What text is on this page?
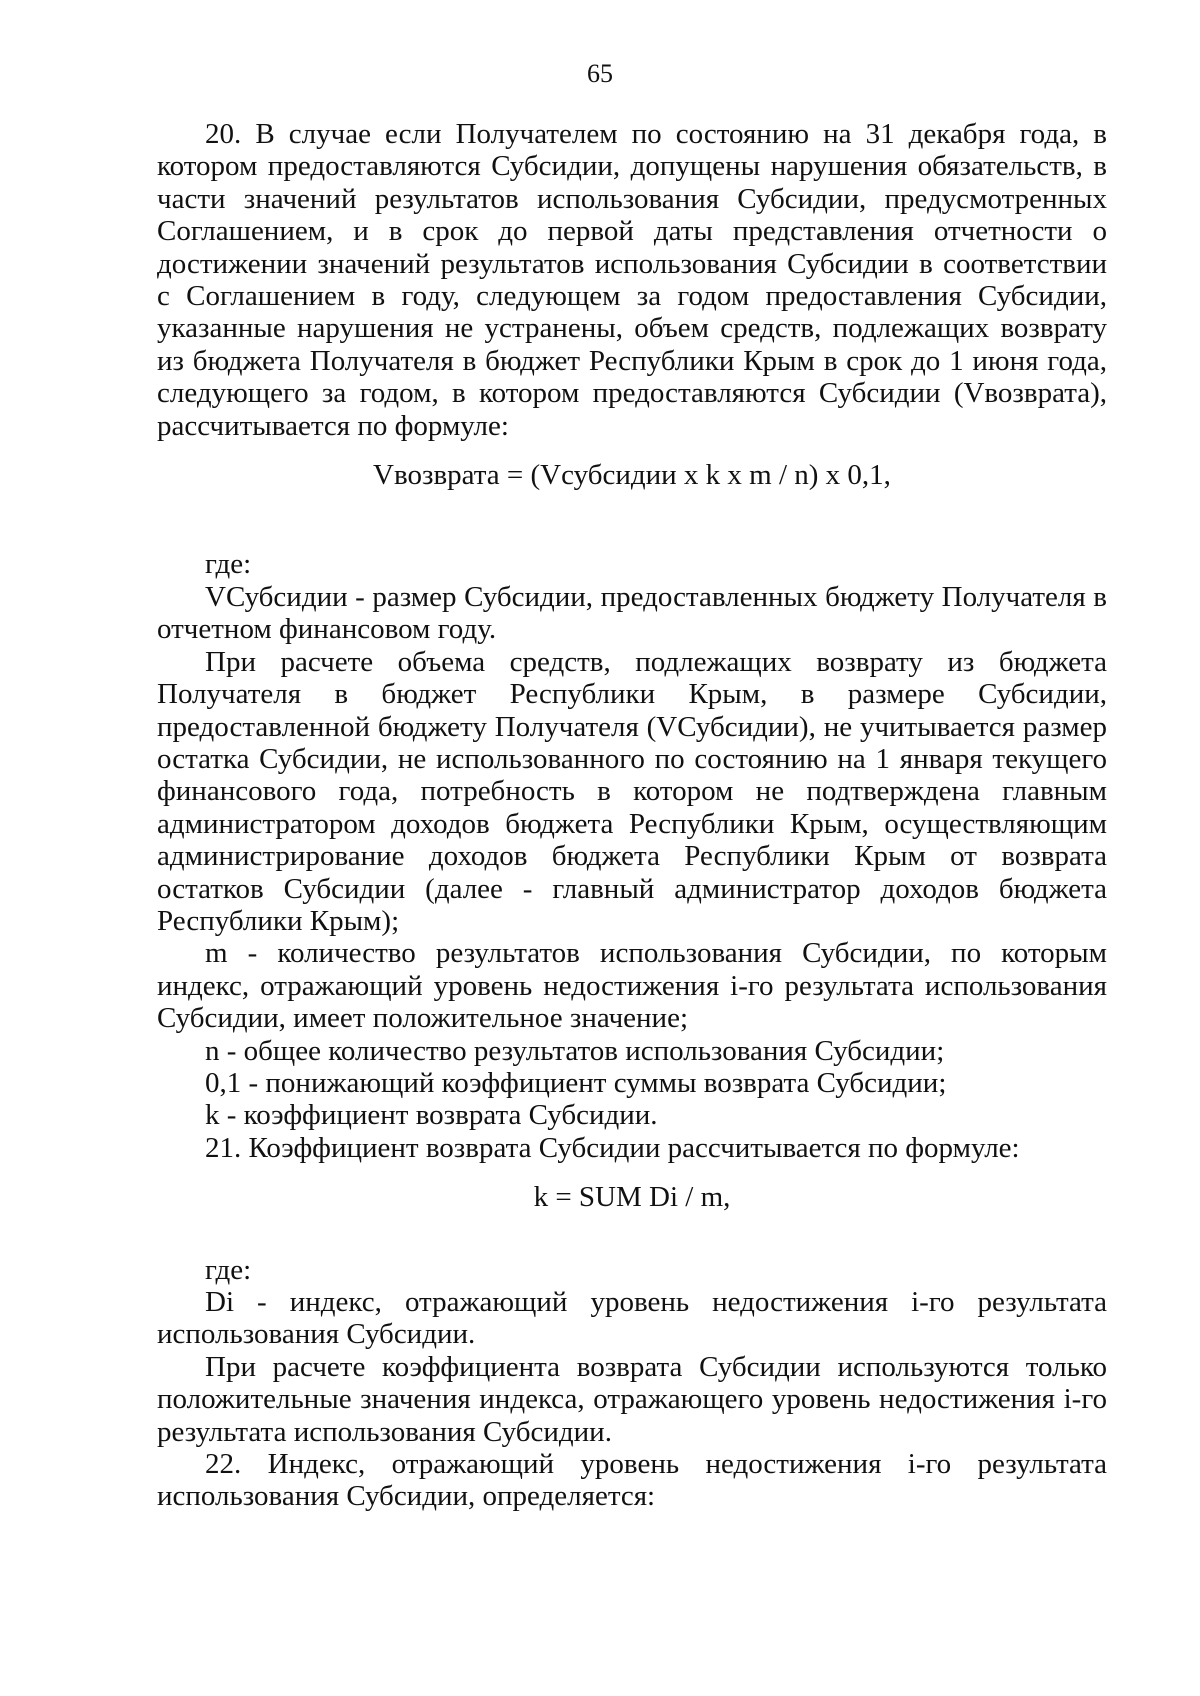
65

20. В случае если Получателем по состоянию на 31 декабря года, в котором предоставляются Субсидии, допущены нарушения обязательств, в части значений результатов использования Субсидии, предусмотренных Соглашением, и в срок до первой даты представления отчетности о достижении значений результатов использования Субсидии в соответствии с Соглашением в году, следующем за годом предоставления Субсидии, указанные нарушения не устранены, объем средств, подлежащих возврату из бюджета Получателя в бюджет Республики Крым в срок до 1 июня года, следующего за годом, в котором предоставляются Субсидии (Vвозврата), рассчитывается по формуле:

Vвозврата = (Vсубсидии x k x m / n) x 0,1,

где:

VСубсидии - размер Субсидии, предоставленных бюджету Получателя в отчетном финансовом году.

При расчете объема средств, подлежащих возврату из бюджета Получателя в бюджет Республики Крым, в размере Субсидии, предоставленной бюджету Получателя (VСубсидии), не учитывается размер остатка Субсидии, не использованного по состоянию на 1 января текущего финансового года, потребность в котором не подтверждена главным администратором доходов бюджета Республики Крым, осуществляющим администрирование доходов бюджета Республики Крым от возврата остатков Субсидии (далее - главный администратор доходов бюджета Республики Крым);

m - количество результатов использования Субсидии, по которым индекс, отражающий уровень недостижения i-го результата использования Субсидии, имеет положительное значение;

n - общее количество результатов использования Субсидии;

0,1 - понижающий коэффициент суммы возврата Субсидии;

k - коэффициент возврата Субсидии.

21. Коэффициент возврата Субсидии рассчитывается по формуле:

k = SUM Di / m,

где:

Di - индекс, отражающий уровень недостижения i-го результата использования Субсидии.

При расчете коэффициента возврата Субсидии используются только положительные значения индекса, отражающего уровень недостижения i-го результата использования Субсидии.

22. Индекс, отражающий уровень недостижения i-го результата использования Субсидии, определяется:
